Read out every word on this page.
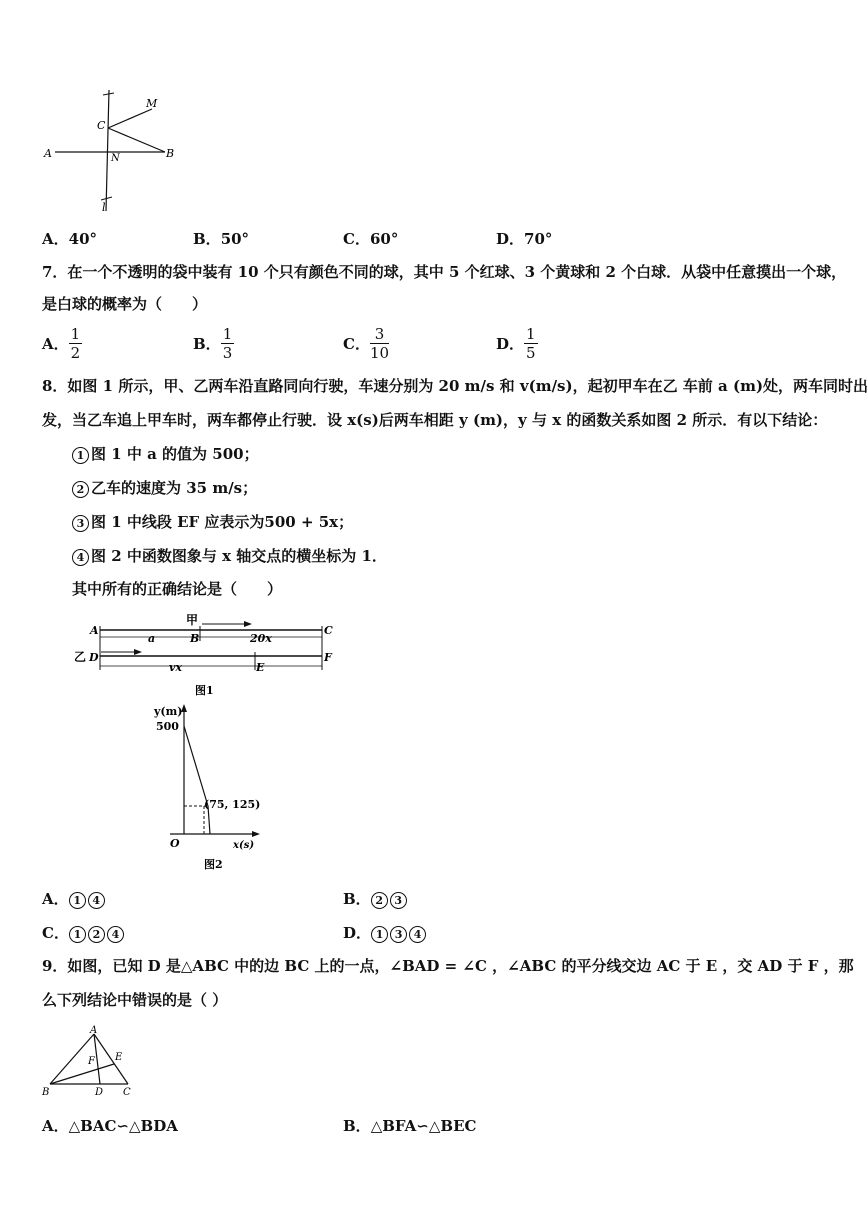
M
C
A	N	B
l
A．40°	B．50°	C．60°	D．70°
7．在一个不透明的袋中装有 10 个只有颜色不同的球，其中 5 个红球、3 个黄球和 2 个白球．从袋中任意摸出一个球，
是白球的概率为（　　）
A． $\frac{1}{2}$	B． $\frac{1}{3}$	C． $\frac{3}{10}$	D． $\frac{1}{5}$
8．如图 1 所示，甲、乙两车沿直路同向行驶，车速分别为 20 m/s 和 v(m/s)，起初甲车在乙 车前 a (m)处，两车同时出
发，当乙车追上甲车时，两车都停止行驶．设 x(s)后两车相距 y (m)，y 与 x 的函数关系如图 2 所示．有以下结论：
1 图 1 中 a 的值为 500；
2 乙车的速度为 35 m/s；
3 图 1 中线段 EF 应表示为500 + 5x；
4 图 2 中函数图象与 x 轴交点的横坐标为 1．
其中所有的正确结论是（　　）
甲
A
B
C
乙 D
E
F
a	20x
vx
图1
y(m)
500
(75, 125)
O	x(s)
图2
A． 1 4	B． 2 3
C． 1 2 4	D． 1 3 4
9．如图，已知 D 是△ABC 中的边 BC 上的一点，∠BAD = ∠C ，∠ABC 的平分线交边 AC 于 E ，交 AD 于 F ，那
么下列结论中错误的是（ ）
A
F E
B	D C
A．△BAC∽△BDA	B．△BFA∽△BEC
